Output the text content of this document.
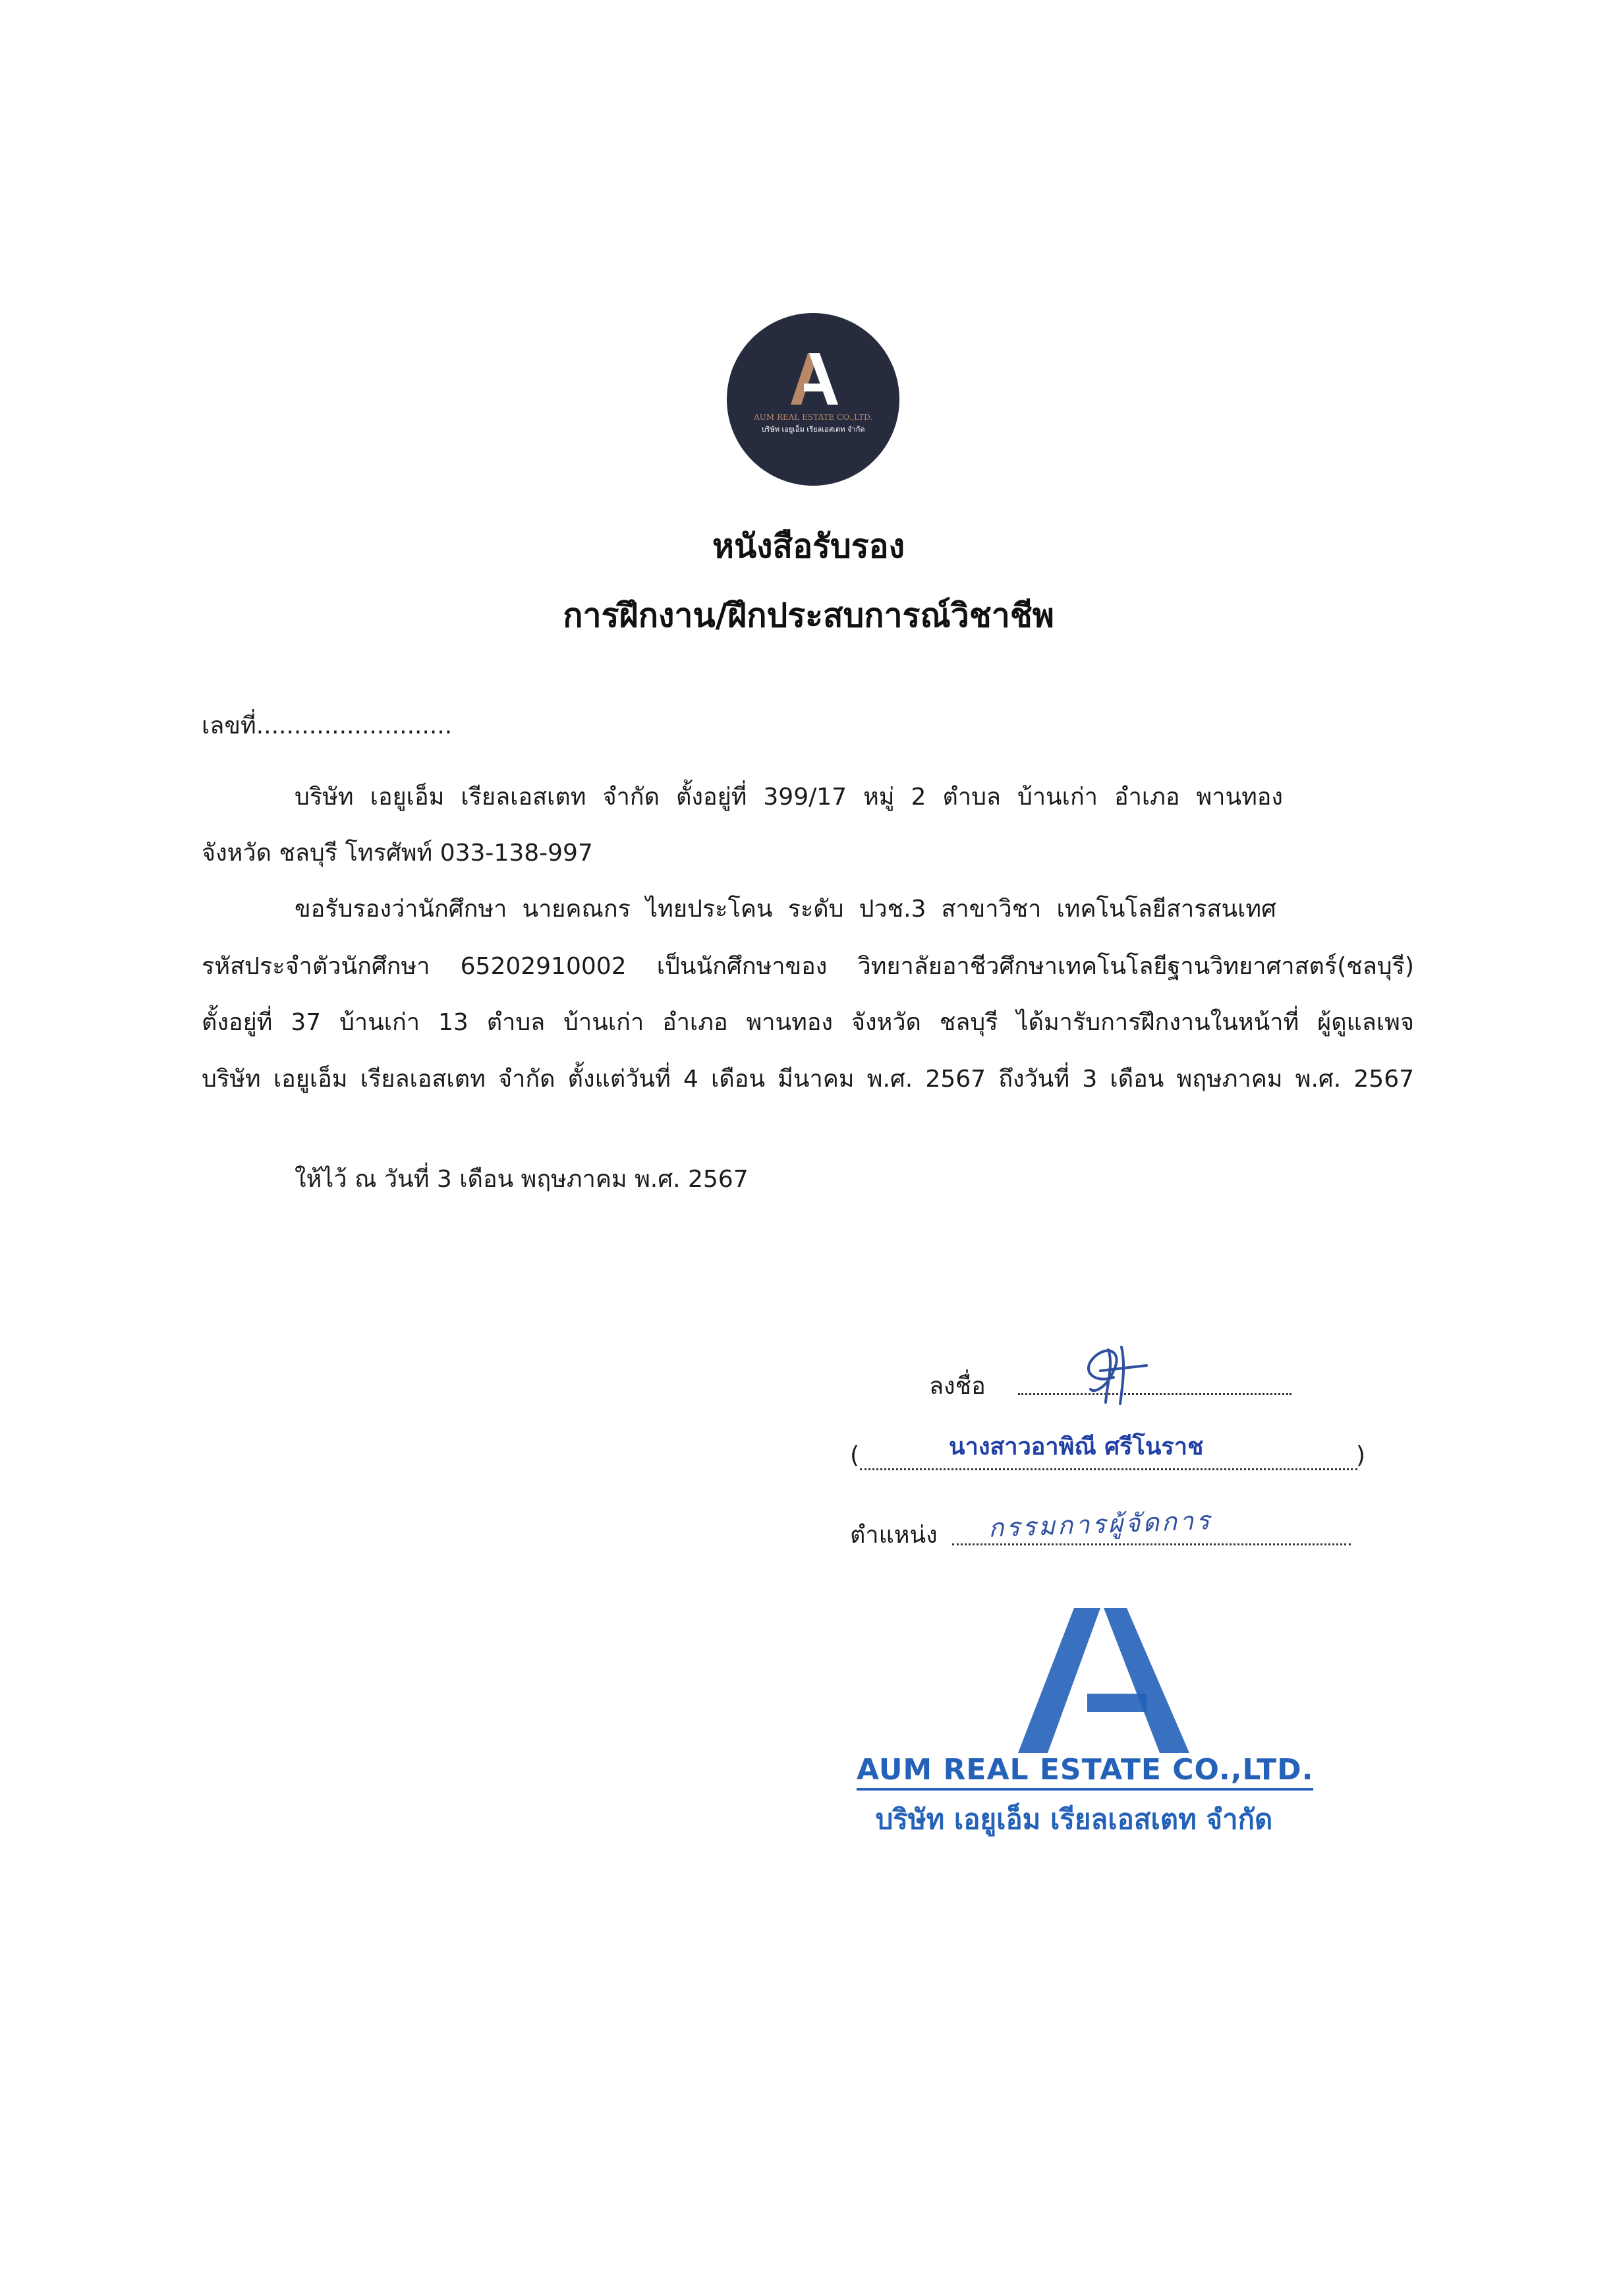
AUM REAL ESTATE CO.,LTD.
บริษัท เอยูเอ็ม เรียลเอสเตท จำกัด
หนังสือรับรอง
การฝึกงาน/ฝึกประสบการณ์วิชาชีพ
เลขที่..........................
บริษัท เอยูเอ็ม เรียลเอสเตท จำกัด ตั้งอยู่ที่ 399/17 หมู่ 2 ตำบล บ้านเก่า อำเภอ พานทอง
จังหวัด ชลบุรี โทรศัพท์ 033-138-997
ขอรับรองว่านักศึกษา นายคณกร ไทยประโคน ระดับ ปวช.3 สาขาวิชา เทคโนโลยีสารสนเทศ
รหัสประจำตัวนักศึกษา 65202910002 เป็นนักศึกษาของ วิทยาลัยอาชีวศึกษาเทคโนโลยีฐานวิทยาศาสตร์(ชลบุรี)
ตั้งอยู่ที่ 37 บ้านเก่า 13 ตำบล บ้านเก่า อำเภอ พานทอง จังหวัด ชลบุรี ได้มารับการฝึกงานในหน้าที่ ผู้ดูแลเพจ
บริษัท เอยูเอ็ม เรียลเอสเตท จำกัด ตั้งแต่วันที่ 4 เดือน มีนาคม พ.ศ. 2567 ถึงวันที่ 3 เดือน พฤษภาคม พ.ศ. 2567
ให้ไว้ ณ วันที่ 3 เดือน พฤษภาคม พ.ศ. 2567
ลงชื่อ
(	นางสาวอาพิณี ศรีโนราช	)
ตำแหน่ง กรรมการผู้จัดการ
AUM REAL ESTATE CO.,LTD.
บริษัท เอยูเอ็ม เรียลเอสเตท จำกัด
